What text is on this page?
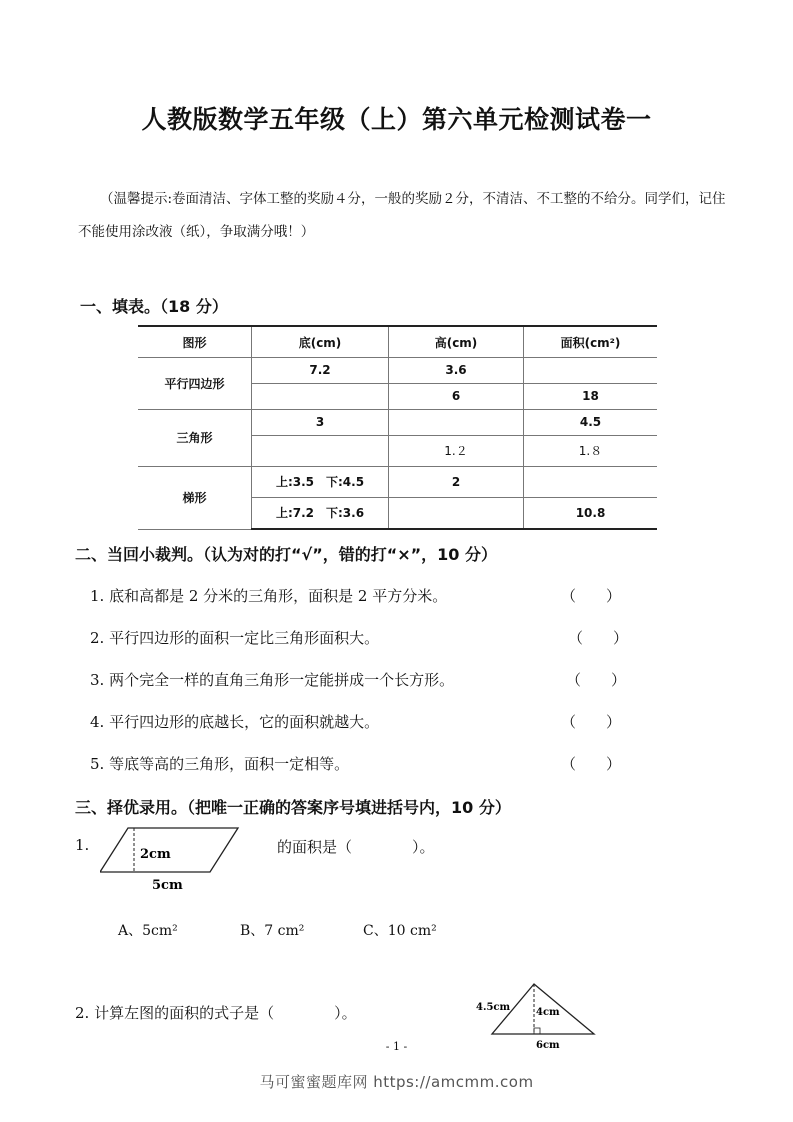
人教版数学五年级（上）第六单元检测试卷一
（温馨提示:卷面清洁、字体工整的奖励４分，一般的奖励２分，不清洁、不工整的不给分。同学们，记住不能使用涂改液（纸），争取满分哦！）
一、填表。（18 分）
图形	底(cm)	高(cm)	面积(cm²)
平行四边形	7.2	3.6	
		6	18
三角形	3		4.5
		1.２	1.８
梯形	上:3.5　下:4.5	2	
	上:7.2　下:3.6		10.8
二、当回小裁判。（认为对的打“√”，错的打“×”，10 分）
1. 底和高都是 2 分米的三角形，面积是 2 平方分米。	（　　）
2. 平行四边形的面积一定比三角形面积大。	（　　）
3. 两个完全一样的直角三角形一定能拼成一个长方形。	（　　）
4. 平行四边形的底越长，它的面积就越大。	（　　）
5. 等底等高的三角形，面积一定相等。	（　　）
三、择优录用。（把唯一正确的答案序号填进括号内，10 分）
1.
2cm
5cm
的面积是（　　　　）。
A、5cm²	B、7 cm²	C、10 cm²
2. 计算左图的面积的式子是（　　　　）。	4.5cm	4cm
6cm
- 1 -
马可蜜蜜题库网 https://amcmm.com
